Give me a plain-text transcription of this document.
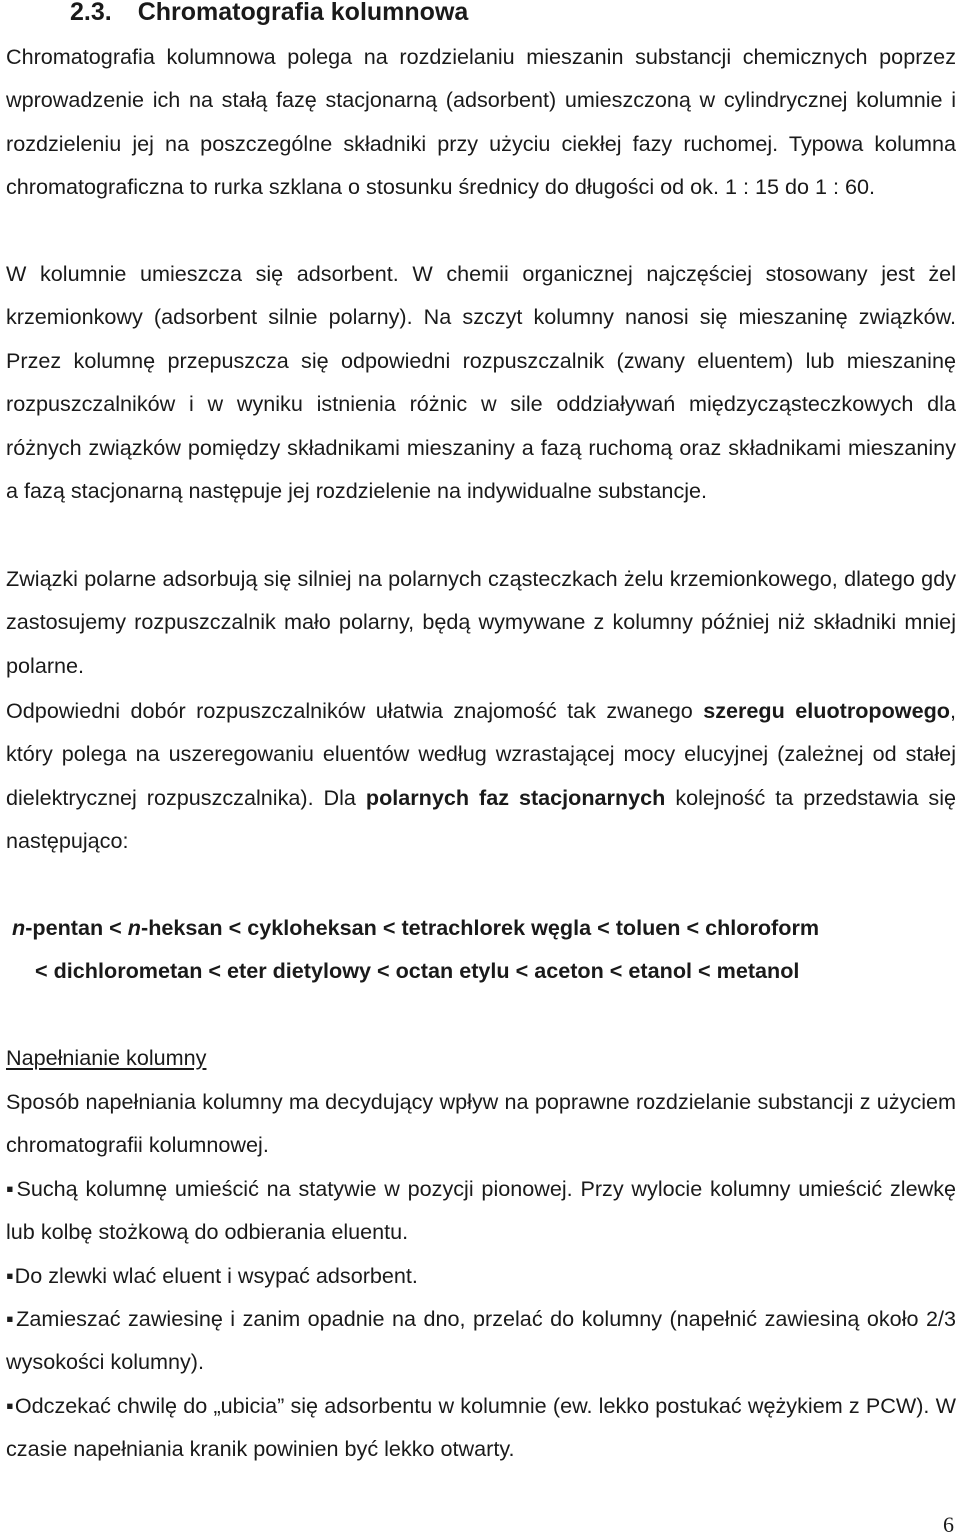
2.3. Chromatografia kolumnowa

Chromatografia kolumnowa polega na rozdzielaniu mieszanin substancji chemicznych poprzez wprowadzenie ich na stałą fazę stacjonarną (adsorbent) umieszczoną w cylindrycznej kolumnie i rozdzieleniu jej na poszczególne składniki przy użyciu ciekłej fazy ruchomej. Typowa kolumna chromatograficzna to rurka szklana o stosunku średnicy do długości od ok. 1 : 15 do 1 : 60.

W kolumnie umieszcza się adsorbent. W chemii organicznej najczęściej stosowany jest żel krzemionkowy (adsorbent silnie polarny). Na szczyt kolumny nanosi się mieszaninę związków. Przez kolumnę przepuszcza się odpowiedni rozpuszczalnik (zwany eluentem) lub mieszaninę rozpuszczalników i w wyniku istnienia różnic w sile oddziaływań międzycząsteczkowych dla różnych związków pomiędzy składnikami mieszaniny a fazą ruchomą oraz składnikami mieszaniny a fazą stacjonarną następuje jej rozdzielenie na indywidualne substancje.

Związki polarne adsorbują się silniej na polarnych cząsteczkach żelu krzemionkowego, dlatego gdy zastosujemy rozpuszczalnik mało polarny, będą wymywane z kolumny później niż składniki mniej polarne.

Odpowiedni dobór rozpuszczalników ułatwia znajomość tak zwanego szeregu eluotropowego, który polega na uszeregowaniu eluentów według wzrastającej mocy elucyjnej (zależnej od stałej dielektrycznej rozpuszczalnika). Dla polarnych faz stacjonarnych kolejność ta przedstawia się następująco:

n-pentan < n-heksan < cykloheksan < tetrachlorek węgla < toluen < chloroform

< dichlorometan < eter dietylowy < octan etylu < aceton < etanol < metanol

Napełnianie kolumny

Sposób napełniania kolumny ma decydujący wpływ na poprawne rozdzielanie substancji z użyciem chromatografii kolumnowej.

▪Suchą kolumnę umieścić na statywie w pozycji pionowej. Przy wylocie kolumny umieścić zlewkę lub kolbę stożkową do odbierania eluentu.

▪Do zlewki wlać eluent i wsypać adsorbent.

▪Zamieszać zawiesinę i zanim opadnie na dno, przelać do kolumny (napełnić zawiesiną około 2/3 wysokości kolumny).

▪Odczekać chwilę do „ubicia” się adsorbentu w kolumnie (ew. lekko postukać wężykiem z PCW). W czasie napełniania kranik powinien być lekko otwarty.

6
